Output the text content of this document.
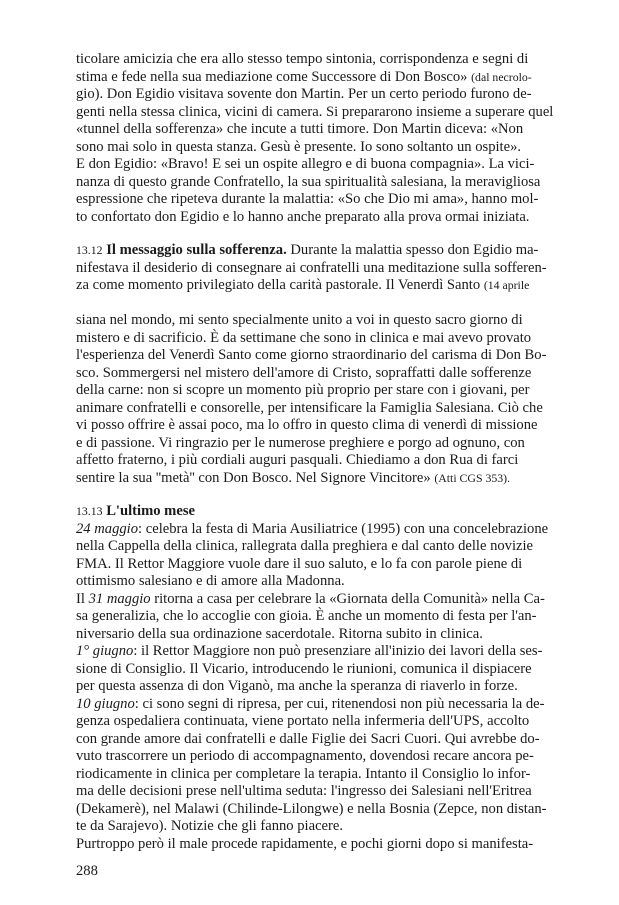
ticolare amicizia che era allo stesso tempo sintonia, corrispondenza e segni di
stima e fede nella sua mediazione come Successore di Don Bosco» (dal necrolo-
gio). Don Egidio visitava sovente don Martin. Per un certo periodo furono de-
genti nella stessa clinica, vicini di camera. Si prepararono insieme a superare quel
«tunnel della sofferenza» che incute a tutti timore. Don Martin diceva: «Non
sono mai solo in questa stanza. Gesù è presente. Io sono soltanto un ospite».
E don Egidio: «Bravo! E sei un ospite allegro e di buona compagnia». La vici-
nanza di questo grande Confratello, la sua spiritualità salesiana, la meravigliosa
espressione che ripeteva durante la malattia: «So che Dio mi ama», hanno mol-
to confortato don Egidio e lo hanno anche preparato alla prova ormai iniziata.
13.12 Il messaggio sulla sofferenza. Durante la malattia spesso don Egidio ma-
nifestava il desiderio di consegnare ai confratelli una meditazione sulla sofferen-
za come momento privilegiato della carità pastorale. Il Venerdì Santo (14 aprile
siana nel mondo, mi sento specialmente unito a voi in questo sacro giorno di
mistero e di sacrificio. È da settimane che sono in clinica e mai avevo provato
l'esperienza del Venerdì Santo come giorno straordinario del carisma di Don Bo-
sco. Sommergersi nel mistero dell'amore di Cristo, sopraffatti dalle sofferenze
della carne: non si scopre un momento più proprio per stare con i giovani, per
animare confratelli e consorelle, per intensificare la Famiglia Salesiana. Ciò che
vi posso offrire è assai poco, ma lo offro in questo clima di venerdì di missione
e di passione. Vi ringrazio per le numerose preghiere e porgo ad ognuno, con
affetto fraterno, i più cordiali auguri pasquali. Chiediamo a don Rua di farci
sentire la sua ''metà'' con Don Bosco. Nel Signore Vincitore» (Atti CGS 353).
13.13 L'ultimo mese
24 maggio: celebra la festa di Maria Ausiliatrice (1995) con una concelebrazione
nella Cappella della clinica, rallegrata dalla preghiera e dal canto delle novizie
FMA. Il Rettor Maggiore vuole dare il suo saluto, e lo fa con parole piene di
ottimismo salesiano e di amore alla Madonna.
Il 31 maggio ritorna a casa per celebrare la «Giornata della Comunità» nella Ca-
sa generalizia, che lo accoglie con gioia. È anche un momento di festa per l'an-
niversario della sua ordinazione sacerdotale. Ritorna subito in clinica.
1° giugno: il Rettor Maggiore non può presenziare all'inizio dei lavori della ses-
sione di Consiglio. Il Vicario, introducendo le riunioni, comunica il dispiacere
per questa assenza di don Viganò, ma anche la speranza di riaverlo in forze.
10 giugno: ci sono segni di ripresa, per cui, ritenendosi non più necessaria la de-
genza ospedaliera continuata, viene portato nella infermeria dell'UPS, accolto
con grande amore dai confratelli e dalle Figlie dei Sacri Cuori. Qui avrebbe do-
vuto trascorrere un periodo di accompagnamento, dovendosi recare ancora pe-
riodicamente in clinica per completare la terapia. Intanto il Consiglio lo infor-
ma delle decisioni prese nell'ultima seduta: l'ingresso dei Salesiani nell'Eritrea
(Dekamerè), nel Malawi (Chilinde-Lilongwe) e nella Bosnia (Zepce, non distan-
te da Sarajevo). Notizie che gli fanno piacere.
Purtroppo però il male procede rapidamente, e pochi giorni dopo si manifesta-
288
